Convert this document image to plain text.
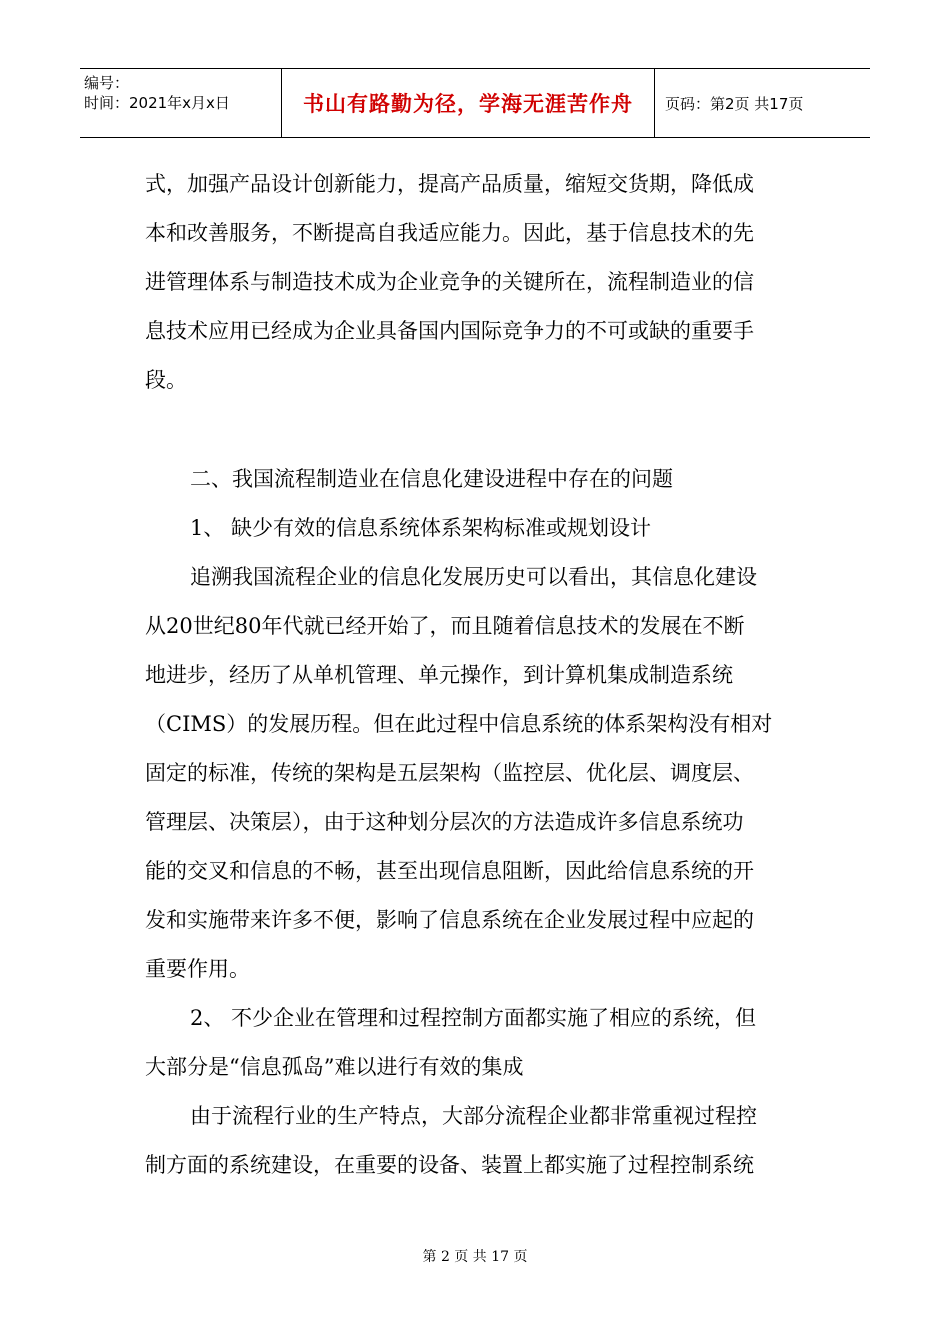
编号：
时间：2021年x月x日	书山有路勤为径，学海无涯苦作舟	页码：第2页 共17页
式，加强产品设计创新能力，提高产品质量，缩短交货期，降低成
本和改善服务，不断提高自我适应能力。因此，基于信息技术的先
进管理体系与制造技术成为企业竞争的关键所在，流程制造业的信
息技术应用已经成为企业具备国内国际竞争力的不可或缺的重要手
段。
二、我国流程制造业在信息化建设进程中存在的问题
1、 缺少有效的信息系统体系架构标准或规划设计
追溯我国流程企业的信息化发展历史可以看出，其信息化建设
从20世纪80年代就已经开始了，而且随着信息技术的发展在不断
地进步，经历了从单机管理、单元操作，到计算机集成制造系统
（CIMS）的发展历程。但在此过程中信息系统的体系架构没有相对
固定的标准，传统的架构是五层架构（监控层、优化层、调度层、
管理层、决策层），由于这种划分层次的方法造成许多信息系统功
能的交叉和信息的不畅，甚至出现信息阻断，因此给信息系统的开
发和实施带来许多不便，影响了信息系统在企业发展过程中应起的
重要作用。
2、 不少企业在管理和过程控制方面都实施了相应的系统，但
大部分是“信息孤岛”难以进行有效的集成
由于流程行业的生产特点，大部分流程企业都非常重视过程控
制方面的系统建设，在重要的设备、装置上都实施了过程控制系统
第 2 页 共 17 页
